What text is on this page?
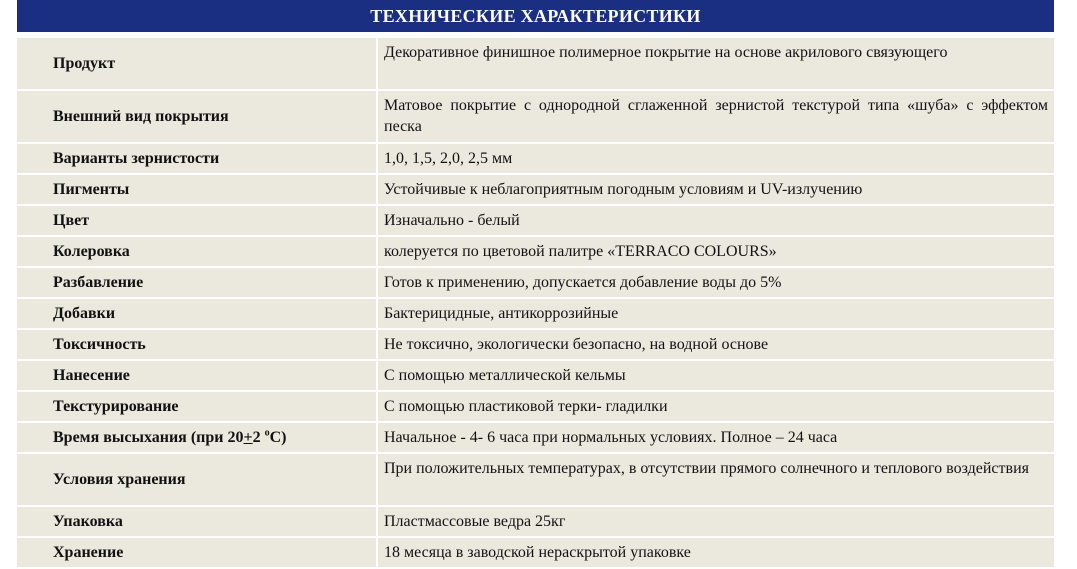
ТЕХНИЧЕСКИЕ ХАРАКТЕРИСТИКИ
Продукт	Декоративное финишное полимерное покрытие на основе акрилового связующего
Внешний вид покрытия	Матовое покрытие с однородной сглаженной зернистой текстурой типа «шуба» с эффектом песка
Варианты зернистости	1,0, 1,5, 2,0, 2,5 мм
Пигменты	Устойчивые к неблагоприятным погодным условиям и UV-излучению
Цвет	Изначально - белый
Колеровка	колеруется по цветовой палитре «TERRACO COLOURS»
Разбавление	Готов к применению, допускается добавление воды до 5%
Добавки	Бактерицидные, антикоррозийные
Токсичность	Не токсично, экологически безопасно, на водной основе
Нанесение	С помощью металлической кельмы
Текстурирование	С помощью пластиковой терки- гладилки
Время высыхания (при 20+2 $^o$C)	Начальное - 4- 6 часа при нормальных условиях. Полное – 24 часа
Условия хранения	При положительных температурах, в отсутствии прямого солнечного и теплового воздействия
Упаковка	Пластмассовые ведра 25кг
Хранение	18 месяца в заводской нераскрытой упаковке
